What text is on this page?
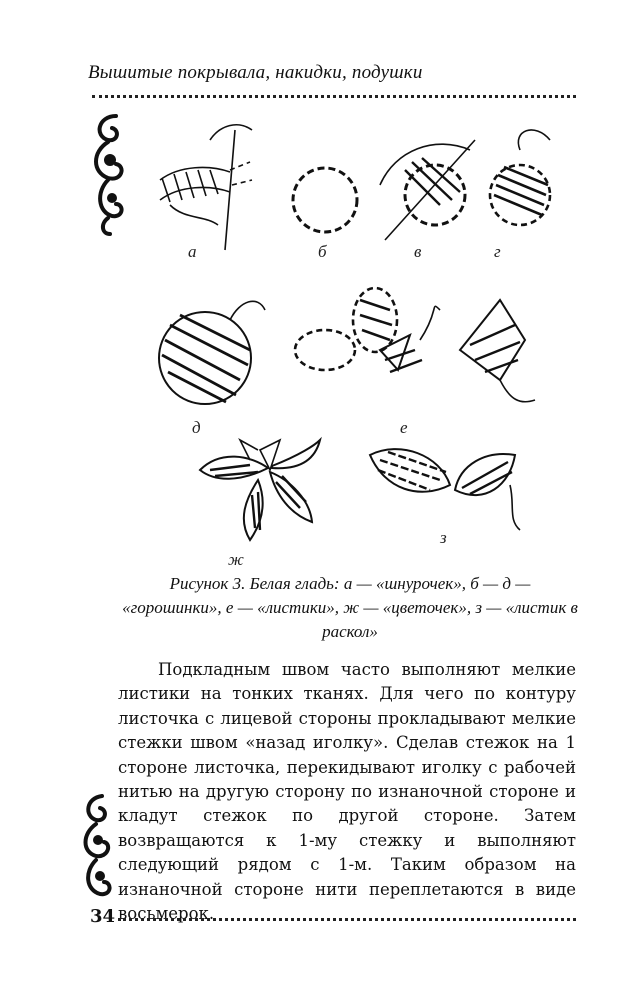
Вышитые покрывала, накидки, подушки
а	б	в	г
д	е
ж
з
Рисунок 3. Белая гладь: а — «шнурочек», б — д — «горошинки», е — «листики», ж — «цветочек», з — «листик в раскол»

Подкладным швом часто выполняют мелкие листики на тонких тканях. Для чего по контуру листочка с лицевой стороны прокладывают мелкие стежки швом «назад иголку». Сделав стежок на 1 стороне листочка, перекидывают иголку с рабочей нитью на другую сторону по изнаночной стороне и кладут стежок по другой стороне. Затем возвращаются к 1-му стежку и выполняют следующий рядом с 1-м. Таким образом на изнаночной стороне нити переплетаются в виде восьмерок.

34
